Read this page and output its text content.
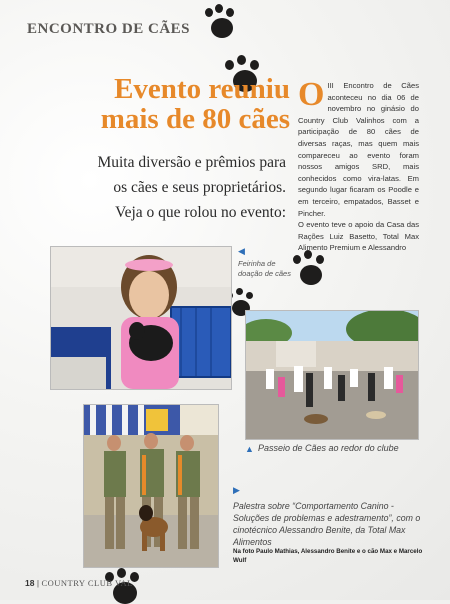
ENCONTRO DE CÃES
Evento reuniu
mais de 80 cães
Muita diversão e prêmios para
os cães e seus proprietários.
Veja o que rolou no evento:
O III Encontro de Cães aconteceu no dia 06 de novembro no ginásio do Country Club Valinhos com a participação de 80 cães de diversas raças, mas quem mais compareceu ao evento foram nossos amigos SRD, mais conhecidos como vira-latas. Em segundo lugar ficaram os Poodle e em terceiro, empatados, Basset e Pincher.
O evento teve o apoio da Casa das Rações Luiz Basetto, Total Max Alimento Premium e Alessandro
◀
Feirinha de
doação de cães
▲ Passeio de Cães ao redor do clube
▶
Palestra sobre “Comportamento Canino - Soluções de problemas e adestramento”, com o cinotécnico Alessandro Benite, da Total Max Alimentos
Na foto Paulo Mathias, Alessandro Benite e o cão Max e Marcelo Wulf
18 | COUNTRY CLUB VAL
